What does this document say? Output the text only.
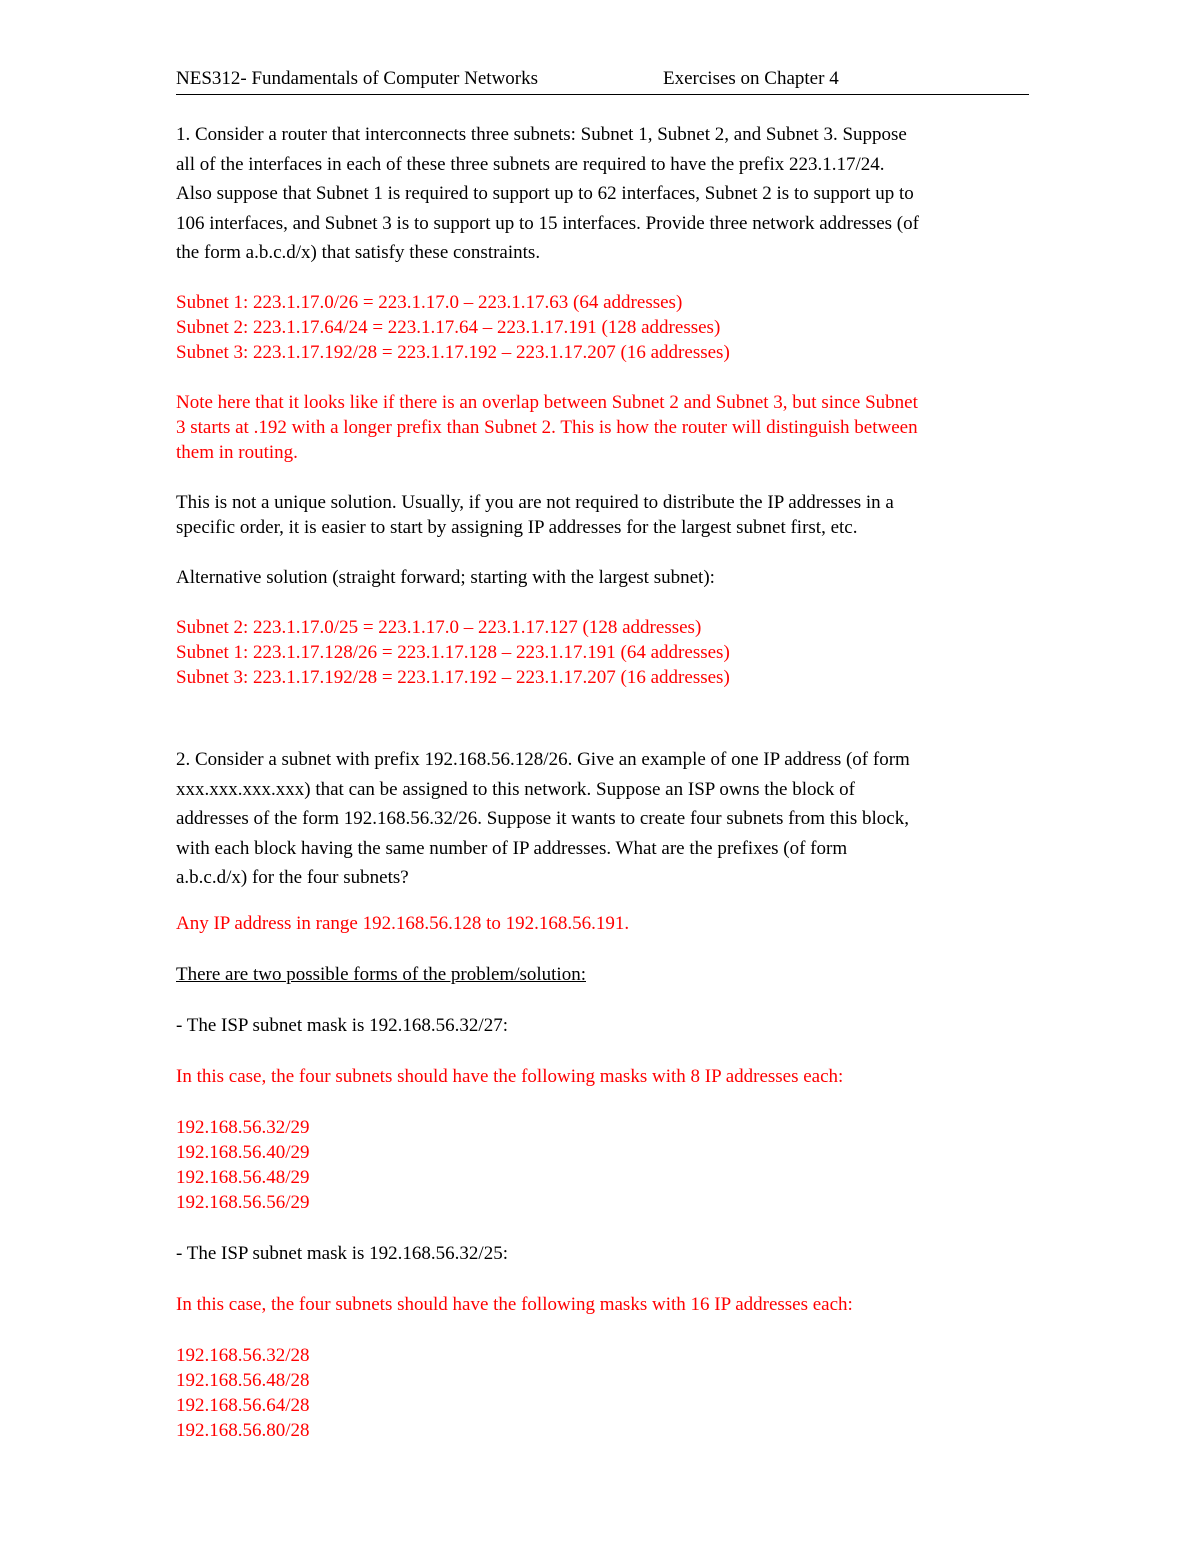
NES312- Fundamentals of Computer Networks	Exercises on Chapter 4
1. Consider a router that interconnects three subnets: Subnet 1, Subnet 2, and Subnet 3. Suppose
all of the interfaces in each of these three subnets are required to have the prefix 223.1.17/24.
Also suppose that Subnet 1 is required to support up to 62 interfaces, Subnet 2 is to support up to
106 interfaces, and Subnet 3 is to support up to 15 interfaces. Provide three network addresses (of
the form a.b.c.d/x) that satisfy these constraints.
Subnet 1: 223.1.17.0/26 = 223.1.17.0 – 223.1.17.63 (64 addresses)
Subnet 2: 223.1.17.64/24 = 223.1.17.64 – 223.1.17.191 (128 addresses)
Subnet 3: 223.1.17.192/28 = 223.1.17.192 – 223.1.17.207 (16 addresses)
Note here that it looks like if there is an overlap between Subnet 2 and Subnet 3, but since Subnet
3 starts at .192 with a longer prefix than Subnet 2. This is how the router will distinguish between
them in routing.
This is not a unique solution. Usually, if you are not required to distribute the IP addresses in a
specific order, it is easier to start by assigning IP addresses for the largest subnet first, etc.
Alternative solution (straight forward; starting with the largest subnet):
Subnet 2: 223.1.17.0/25 = 223.1.17.0 – 223.1.17.127 (128 addresses)
Subnet 1: 223.1.17.128/26 = 223.1.17.128 – 223.1.17.191 (64 addresses)
Subnet 3: 223.1.17.192/28 = 223.1.17.192 – 223.1.17.207 (16 addresses)
2. Consider a subnet with prefix 192.168.56.128/26. Give an example of one IP address (of form
xxx.xxx.xxx.xxx) that can be assigned to this network. Suppose an ISP owns the block of
addresses of the form 192.168.56.32/26. Suppose it wants to create four subnets from this block,
with each block having the same number of IP addresses. What are the prefixes (of form
a.b.c.d/x) for the four subnets?
Any IP address in range 192.168.56.128 to 192.168.56.191.
There are two possible forms of the problem/solution:
- The ISP subnet mask is 192.168.56.32/27:
In this case, the four subnets should have the following masks with 8 IP addresses each:
192.168.56.32/29
192.168.56.40/29
192.168.56.48/29
192.168.56.56/29
- The ISP subnet mask is 192.168.56.32/25:
In this case, the four subnets should have the following masks with 16 IP addresses each:
192.168.56.32/28
192.168.56.48/28
192.168.56.64/28
192.168.56.80/28
